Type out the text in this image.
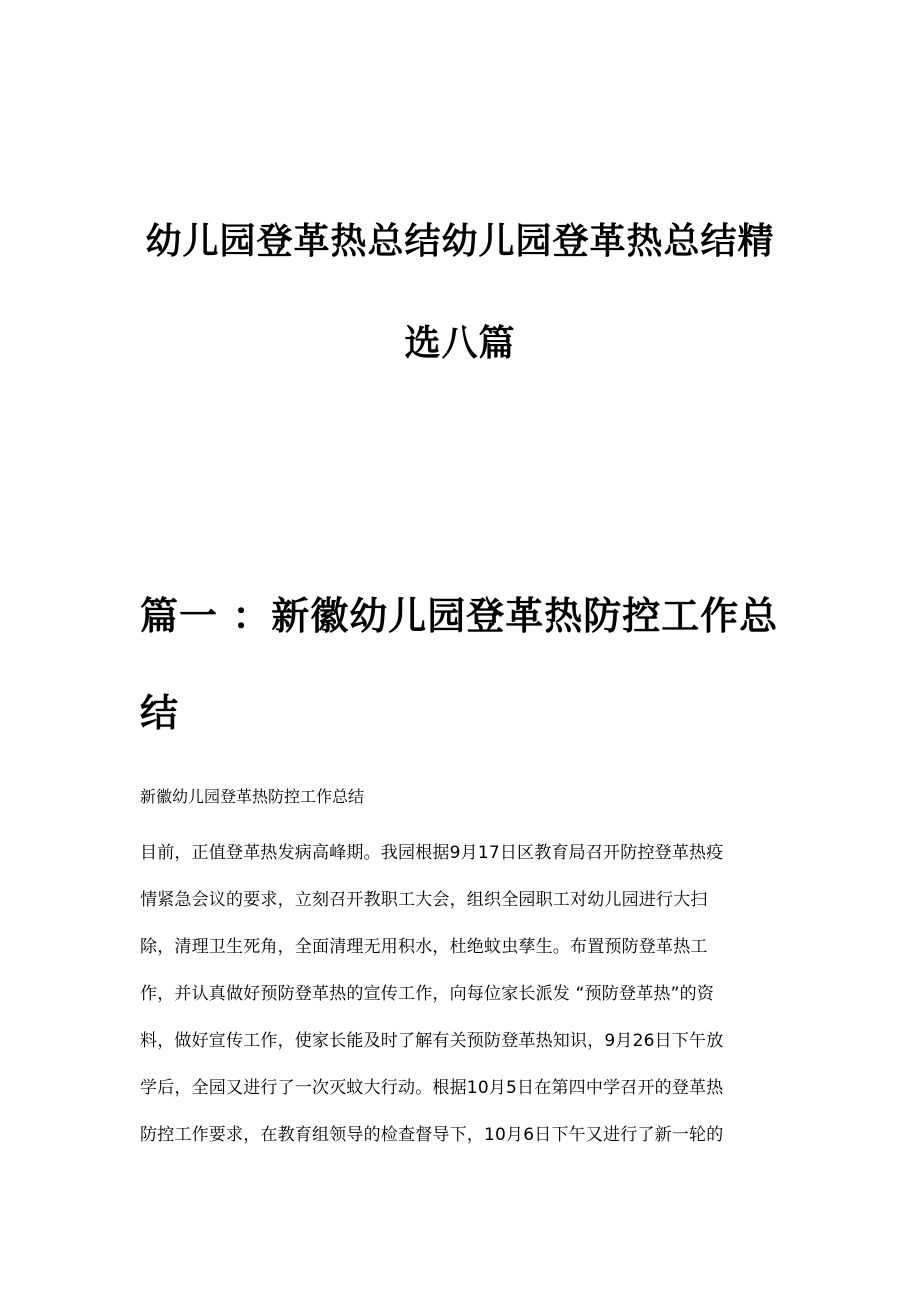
幼儿园登革热总结幼儿园登革热总结精
选八篇
篇一 ：新徽幼儿园登革热防控工作总
结
新徽幼儿园登革热防控工作总结
目前，正值登革热发病高峰期。我园根据9月17日区教育局召开防控登革热疫
情紧急会议的要求，立刻召开教职工大会，组织全园职工对幼儿园进行大扫
除，清理卫生死角，全面清理无用积水，杜绝蚊虫孳生。布置预防登革热工
作，并认真做好预防登革热的宣传工作，向每位家长派发 “预防登革热”的资
料，做好宣传工作，使家长能及时了解有关预防登革热知识，9月26日下午放
学后，全园又进行了一次灭蚊大行动。根据10月5日在第四中学召开的登革热
防控工作要求，在教育组领导的检查督导下，10月6日下午又进行了新一轮的
